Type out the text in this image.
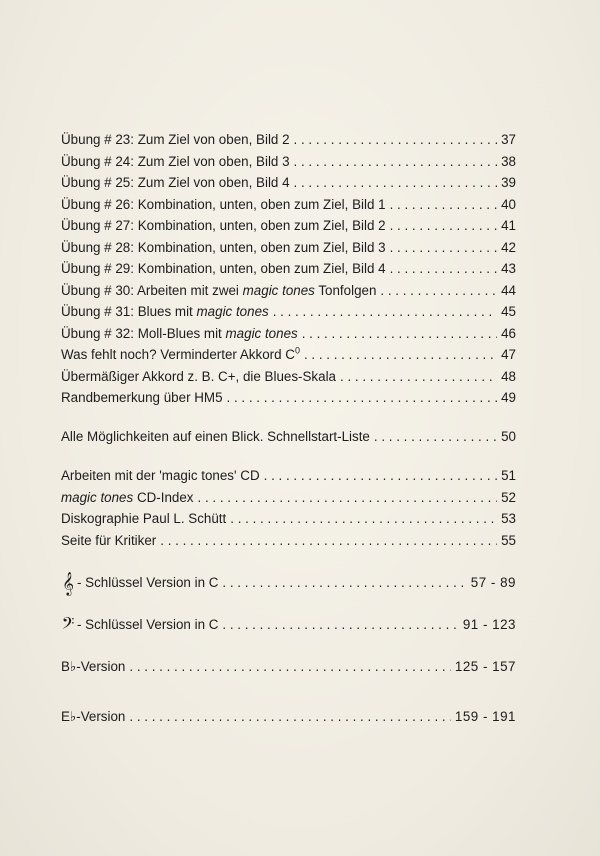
Übung # 23: Zum Ziel von oben, Bild 2 . . .	37
Übung # 24: Zum Ziel von oben, Bild 3 . . .	38
Übung # 25: Zum Ziel von oben, Bild 4 . . .	39
Übung # 26: Kombination, unten, oben zum Ziel, Bild 1 . . .	40
Übung # 27: Kombination, unten, oben zum Ziel, Bild 2 . . .	41
Übung # 28: Kombination, unten, oben zum Ziel, Bild 3 . . .	42
Übung # 29: Kombination, unten, oben zum Ziel, Bild 4 . . .	43
Übung # 30: Arbeiten mit zwei magic tones Tonfolgen . . .	44
Übung # 31: Blues mit magic tones . . .	45
Übung # 32: Moll-Blues mit magic tones . . .	46
Was fehlt noch? Verminderter Akkord $C^0$ . . .	47
Übermäßiger Akkord z. B. C+, die Blues-Skala . . .	48
Randbemerkung über HM5 . . .	49
Alle Möglichkeiten auf einen Blick. Schnellstart-Liste . . .	50
Arbeiten mit der 'magic tones' CD . . .	51
magic tones CD-Index . . .	52
Diskographie Paul L. Schütt . . .	53
Seite für Kritiker . . .	55
𝄞 - Schlüssel Version in C . . .	57 - 89
𝄢 - Schlüssel Version in C . . .	91 - 123
B♭-Version . . .	125 - 157
E♭-Version . . .	159 - 191
